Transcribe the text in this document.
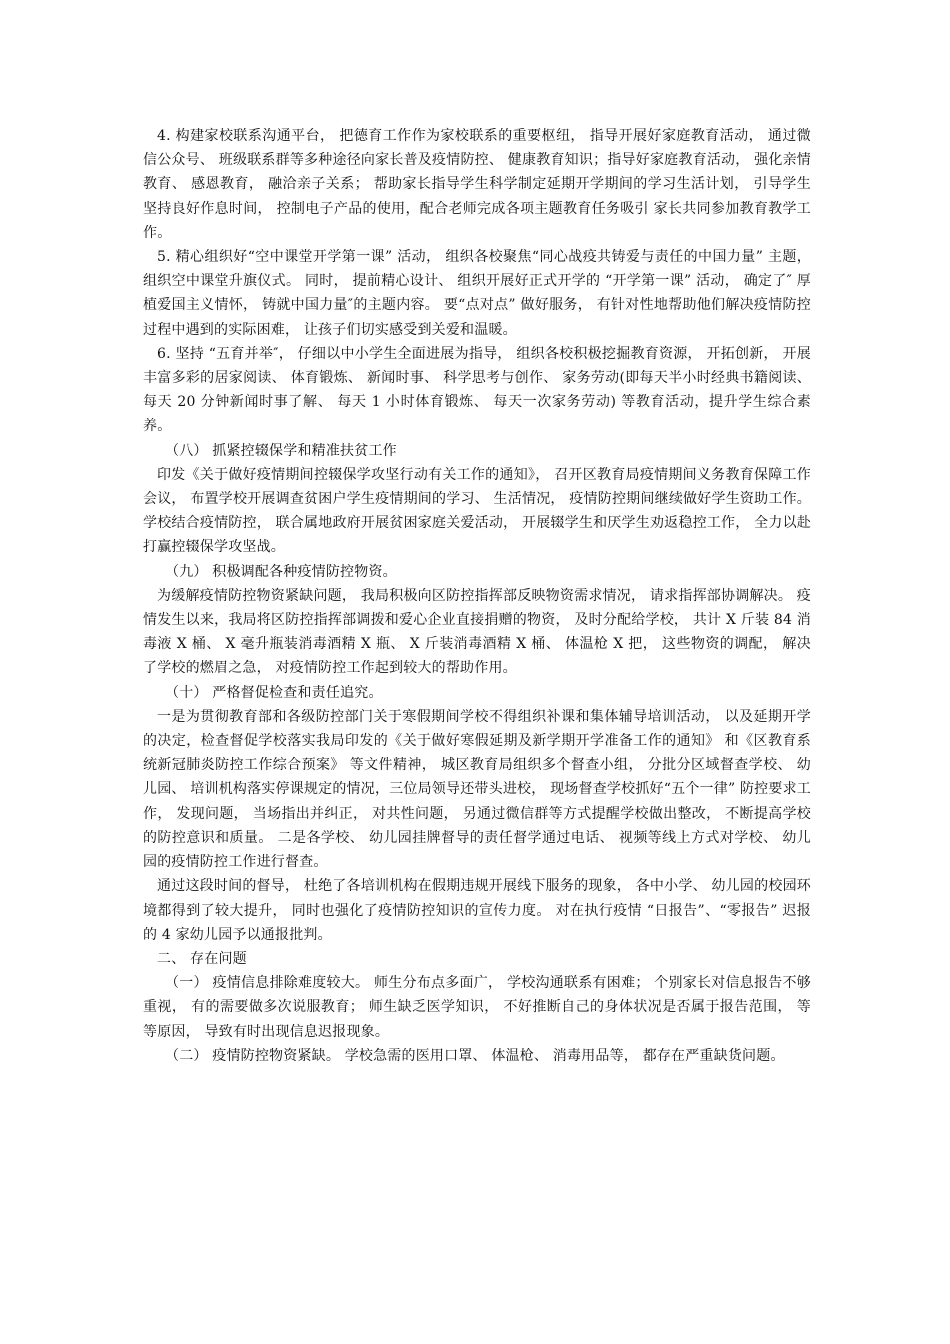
4. 构建家校联系沟通平台， 把德育工作作为家校联系的重要枢纽， 指导开展好家庭教育活动， 通过微信公众号、 班级联系群等多种途径向家长普及疫情防控、 健康教育知识；指导好家庭教育活动， 强化亲情教育、 感恩教育， 融洽亲子关系； 帮助家长指导学生科学制定延期开学期间的学习生活计划， 引导学生坚持良好作息时间， 控制电子产品的使用，配合老师完成各项主题教育任务吸引 家长共同参加教育教学工作。

5. 精心组织好“空中课堂开学第一课” 活动， 组织各校聚焦“同心战疫共铸爱与责任的中国力量” 主题， 组织空中课堂升旗仪式。 同时， 提前精心设计、 组织开展好正式开学的 “开学第一课” 活动， 确定了″ 厚植爱国主义情怀， 铸就中国力量″的主题内容。 要“点对点” 做好服务， 有针对性地帮助他们解决疫情防控过程中遇到的实际困难， 让孩子们切实感受到关爱和温暖。

6. 坚持 “五育并举″， 仔细以中小学生全面进展为指导， 组织各校积极挖掘教育资源， 开拓创新， 开展丰富多彩的居家阅读、 体育锻炼、 新闻时事、 科学思考与创作、 家务劳动(即每天半小时经典书籍阅读、 每天 20 分钟新闻时事了解、 每天 1 小时体育锻炼、 每天一次家务劳动) 等教育活动，提升学生综合素养。

（八） 抓紧控辍保学和精准扶贫工作

印发《关于做好疫情期间控辍保学攻坚行动有关工作的通知》， 召开区教育局疫情期间义务教育保障工作会议， 布置学校开展调查贫困户学生疫情期间的学习、 生活情况， 疫情防控期间继续做好学生资助工作。 学校结合疫情防控， 联合属地政府开展贫困家庭关爱活动， 开展辍学生和厌学生劝返稳控工作， 全力以赴打赢控辍保学攻坚战。

（九） 积极调配各种疫情防控物资。

为缓解疫情防控物资紧缺问题， 我局积极向区防控指挥部反映物资需求情况， 请求指挥部协调解决。 疫情发生以来，我局将区防控指挥部调拨和爱心企业直接捐赠的物资， 及时分配给学校， 共计 X 斤装 84 消毒液 X 桶、 X 毫升瓶装消毒酒精 X 瓶、 X 斤装消毒酒精 X 桶、 体温枪 X 把， 这些物资的调配， 解决了学校的燃眉之急， 对疫情防控工作起到较大的帮助作用。

（十） 严格督促检查和责任追究。

一是为贯彻教育部和各级防控部门关于寒假期间学校不得组织补课和集体辅导培训活动， 以及延期开学的决定，检查督促学校落实我局印发的《关于做好寒假延期及新学期开学准备工作的通知》 和《区教育系统新冠肺炎防控工作综合预案》 等文件精神， 城区教育局组织多个督查小组， 分批分区域督查学校、 幼儿园、 培训机构落实停课规定的情况，三位局领导还带头进校， 现场督查学校抓好“五个一律” 防控要求工作， 发现问题， 当场指出并纠正， 对共性问题， 另通过微信群等方式提醒学校做出整改， 不断提高学校的防控意识和质量。 二是各学校、 幼儿园挂牌督导的责任督学通过电话、 视频等线上方式对学校、 幼儿园的疫情防控工作进行督查。

通过这段时间的督导， 杜绝了各培训机构在假期违规开展线下服务的现象， 各中小学、 幼儿园的校园环境都得到了较大提升， 同时也强化了疫情防控知识的宣传力度。 对在执行疫情 “日报告”、“零报告” 迟报的 4 家幼儿园予以通报批判。

二、 存在问题

（一） 疫情信息排除难度较大。 师生分布点多面广， 学校沟通联系有困难； 个别家长对信息报告不够重视， 有的需要做多次说服教育； 师生缺乏医学知识， 不好推断自己的身体状况是否属于报告范围， 等等原因， 导致有时出现信息迟报现象。

（二） 疫情防控物资紧缺。 学校急需的医用口罩、 体温枪、 消毒用品等， 都存在严重缺货问题。
